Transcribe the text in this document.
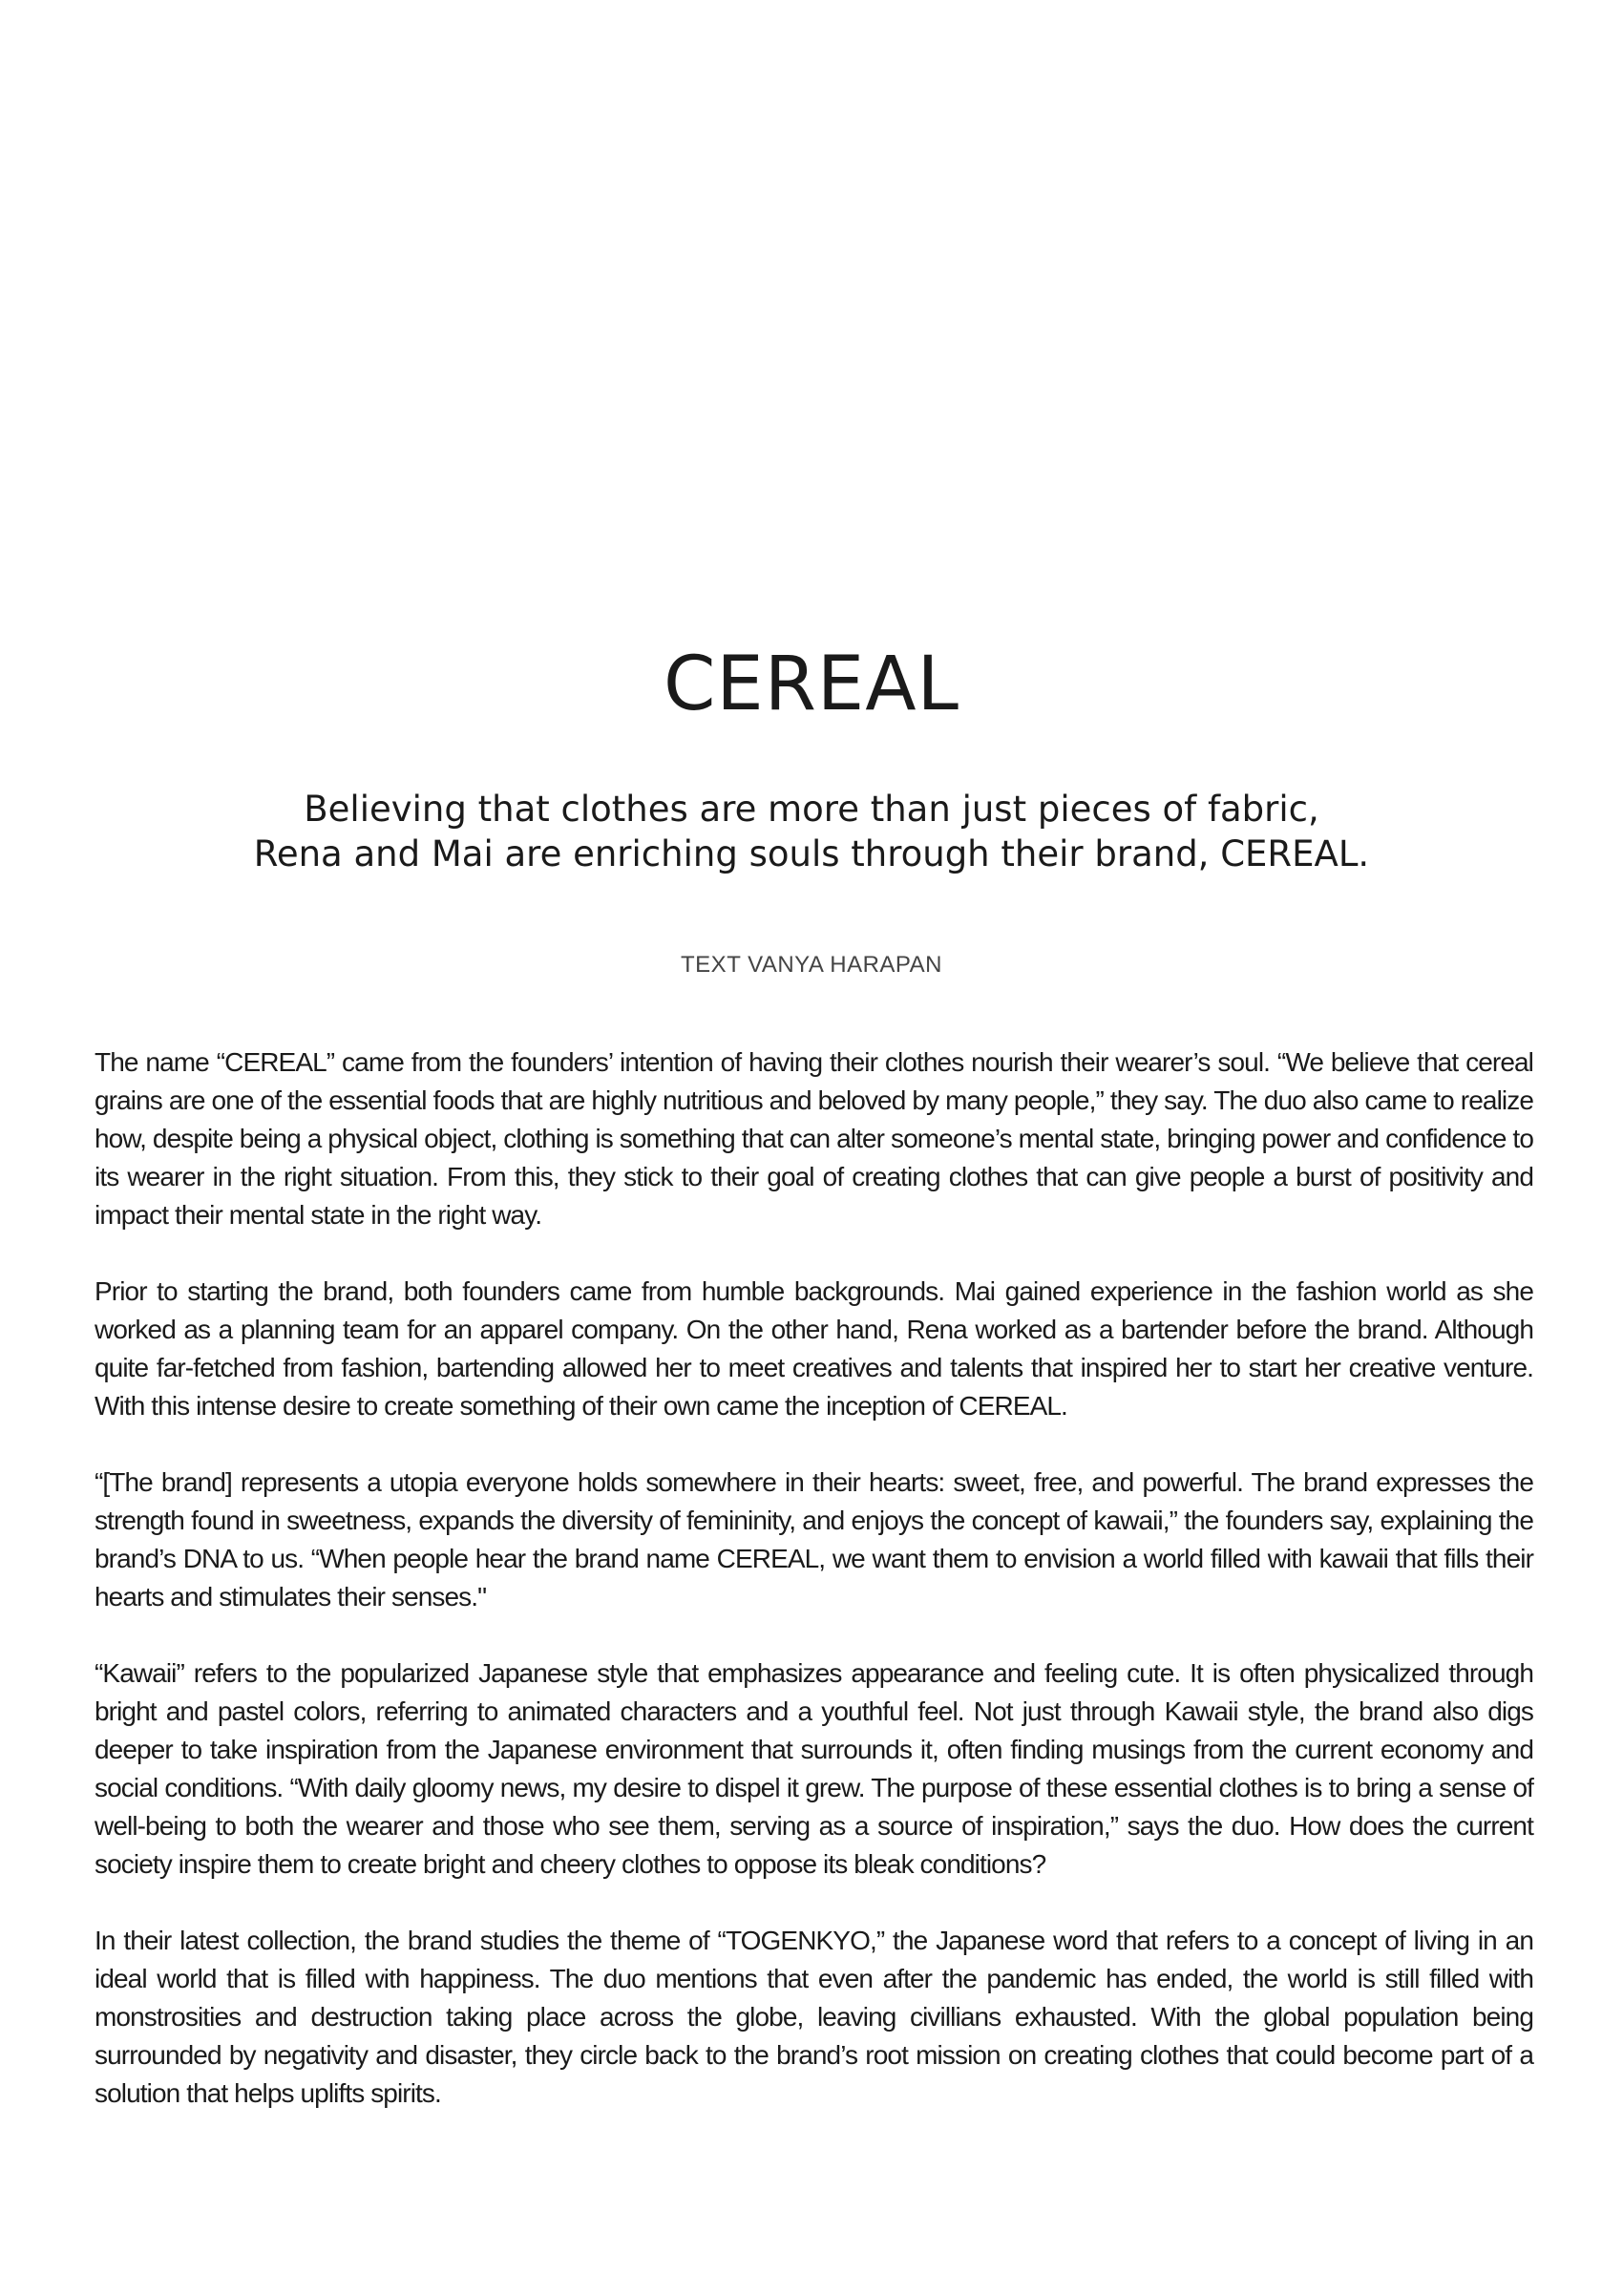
CEREAL
Believing that clothes are more than just pieces of fabric,
Rena and Mai are enriching souls through their brand, CEREAL.

TEXT VANYA HARAPAN

The name “CEREAL” came from the founders’ intention of having their clothes nourish their wearer’s soul. “We believe that cereal grains are one of the essential foods that are highly nutritious and beloved by many people,” they say. The duo also came to realize how, despite being a physical object, clothing is something that can alter someone’s mental state, bringing power and confidence to its wearer in the right situation. From this, they stick to their goal of creating clothes that can give people a burst of positivity and impact their mental state in the right way.

Prior to starting the brand, both founders came from humble backgrounds. Mai gained experience in the fashion world as she worked as a planning team for an apparel company. On the other hand, Rena worked as a bartender before the brand. Although quite far-fetched from fashion, bartending allowed her to meet creatives and talents that inspired her to start her creative venture. With this intense desire to create something of their own came the inception of CEREAL.

“[The brand] represents a utopia everyone holds somewhere in their hearts: sweet, free, and powerful. The brand expresses the strength found in sweetness, expands the diversity of femininity, and enjoys the concept of kawaii,” the founders say, explaining the brand’s DNA to us. “When people hear the brand name CEREAL, we want them to envision a world filled with kawaii that fills their hearts and stimulates their senses."

“Kawaii” refers to the popularized Japanese style that emphasizes appearance and feeling cute. It is often physicalized through bright and pastel colors, referring to animated characters and a youthful feel. Not just through Kawaii style, the brand also digs deeper to take inspiration from the Japanese environment that surrounds it, often finding musings from the current economy and social conditions. “With daily gloomy news, my desire to dispel it grew. The purpose of these essential clothes is to bring a sense of well-being to both the wearer and those who see them, serving as a source of inspiration,” says the duo. How does the current society inspire them to create bright and cheery clothes to oppose its bleak conditions?

In their latest collection, the brand studies the theme of “TOGENKYO,” the Japanese word that refers to a concept of living in an ideal world that is filled with happiness. The duo mentions that even after the pandemic has ended, the world is still filled with monstrosities and destruction taking place across the globe, leaving civillians exhausted. With the global population being surrounded by negativity and disaster, they circle back to the brand’s root mission on creating clothes that could become part of a solution that helps uplifts spirits.
